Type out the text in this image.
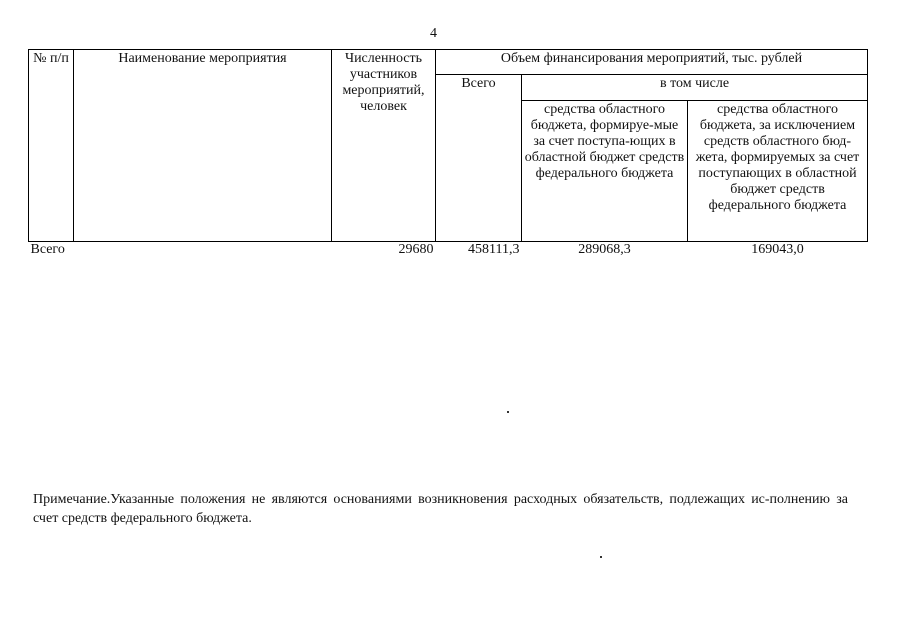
4
№ п/п	Наименование мероприятия	Численность участников мероприятий, человек	Объем финансирования мероприятий, тыс. рублей		
			Всего	в том числе	
				средства областного бюджета, формируе-мые за счет поступа-ющих в областной бюджет средств федерального бюджета	средства областного бюджета, за исключением средств областного бюд-жета, формируемых за счет поступающих в областной бюджет средств федерального бюджета
Всего		29680	458111,3	289068,3	169043,0
Примечание.Указанные положения не являются основаниями возникновения расходных обязательств, подлежащих ис-полнению за счет средств федерального бюджета.
